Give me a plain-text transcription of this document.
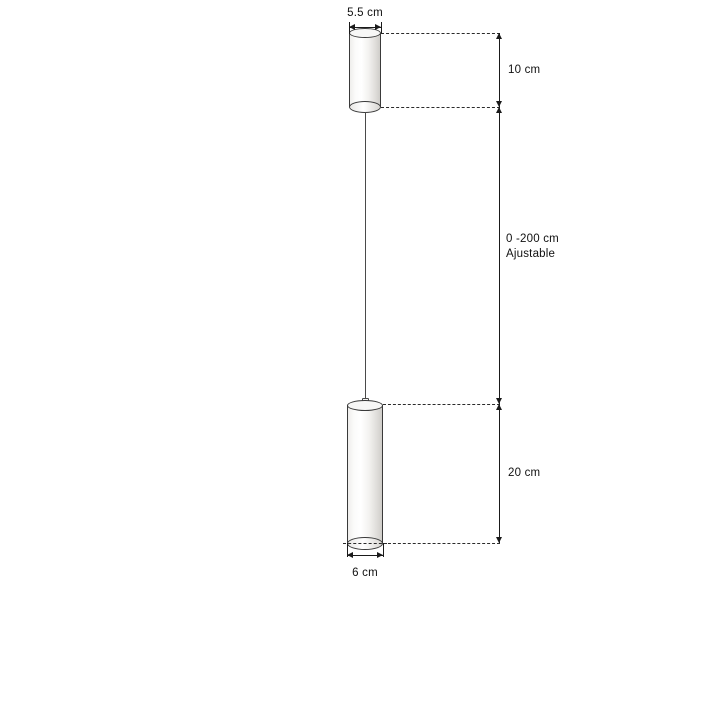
5.5 cm
10 cm
0 -200 cm
Ajustable
20 cm
6 cm
